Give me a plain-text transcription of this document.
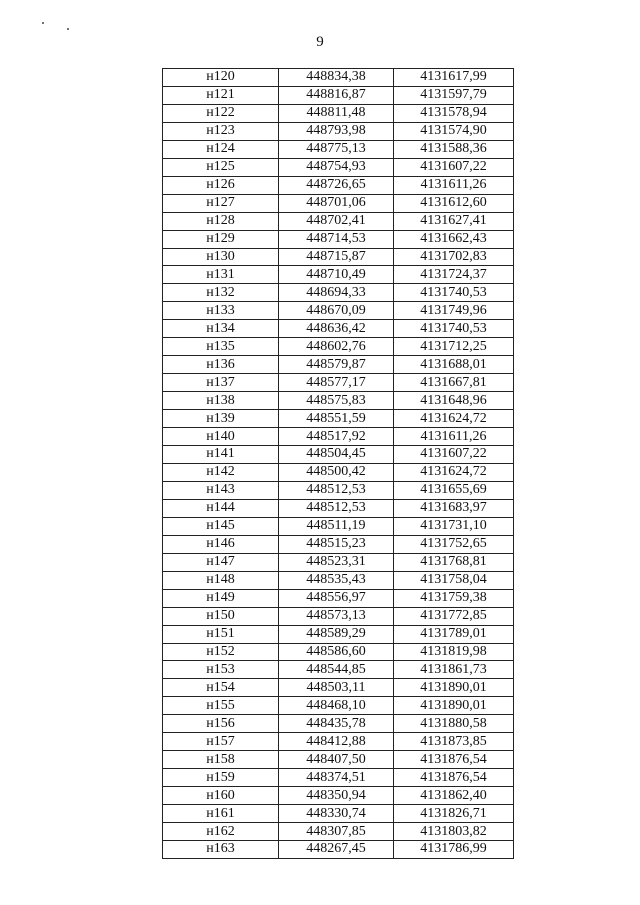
9
н120	448834,38	4131617,99
н121	448816,87	4131597,79
н122	448811,48	4131578,94
н123	448793,98	4131574,90
н124	448775,13	4131588,36
н125	448754,93	4131607,22
н126	448726,65	4131611,26
н127	448701,06	4131612,60
н128	448702,41	4131627,41
н129	448714,53	4131662,43
н130	448715,87	4131702,83
н131	448710,49	4131724,37
н132	448694,33	4131740,53
н133	448670,09	4131749,96
н134	448636,42	4131740,53
н135	448602,76	4131712,25
н136	448579,87	4131688,01
н137	448577,17	4131667,81
н138	448575,83	4131648,96
н139	448551,59	4131624,72
н140	448517,92	4131611,26
н141	448504,45	4131607,22
н142	448500,42	4131624,72
н143	448512,53	4131655,69
н144	448512,53	4131683,97
н145	448511,19	4131731,10
н146	448515,23	4131752,65
н147	448523,31	4131768,81
н148	448535,43	4131758,04
н149	448556,97	4131759,38
н150	448573,13	4131772,85
н151	448589,29	4131789,01
н152	448586,60	4131819,98
н153	448544,85	4131861,73
н154	448503,11	4131890,01
н155	448468,10	4131890,01
н156	448435,78	4131880,58
н157	448412,88	4131873,85
н158	448407,50	4131876,54
н159	448374,51	4131876,54
н160	448350,94	4131862,40
н161	448330,74	4131826,71
н162	448307,85	4131803,82
н163	448267,45	4131786,99
